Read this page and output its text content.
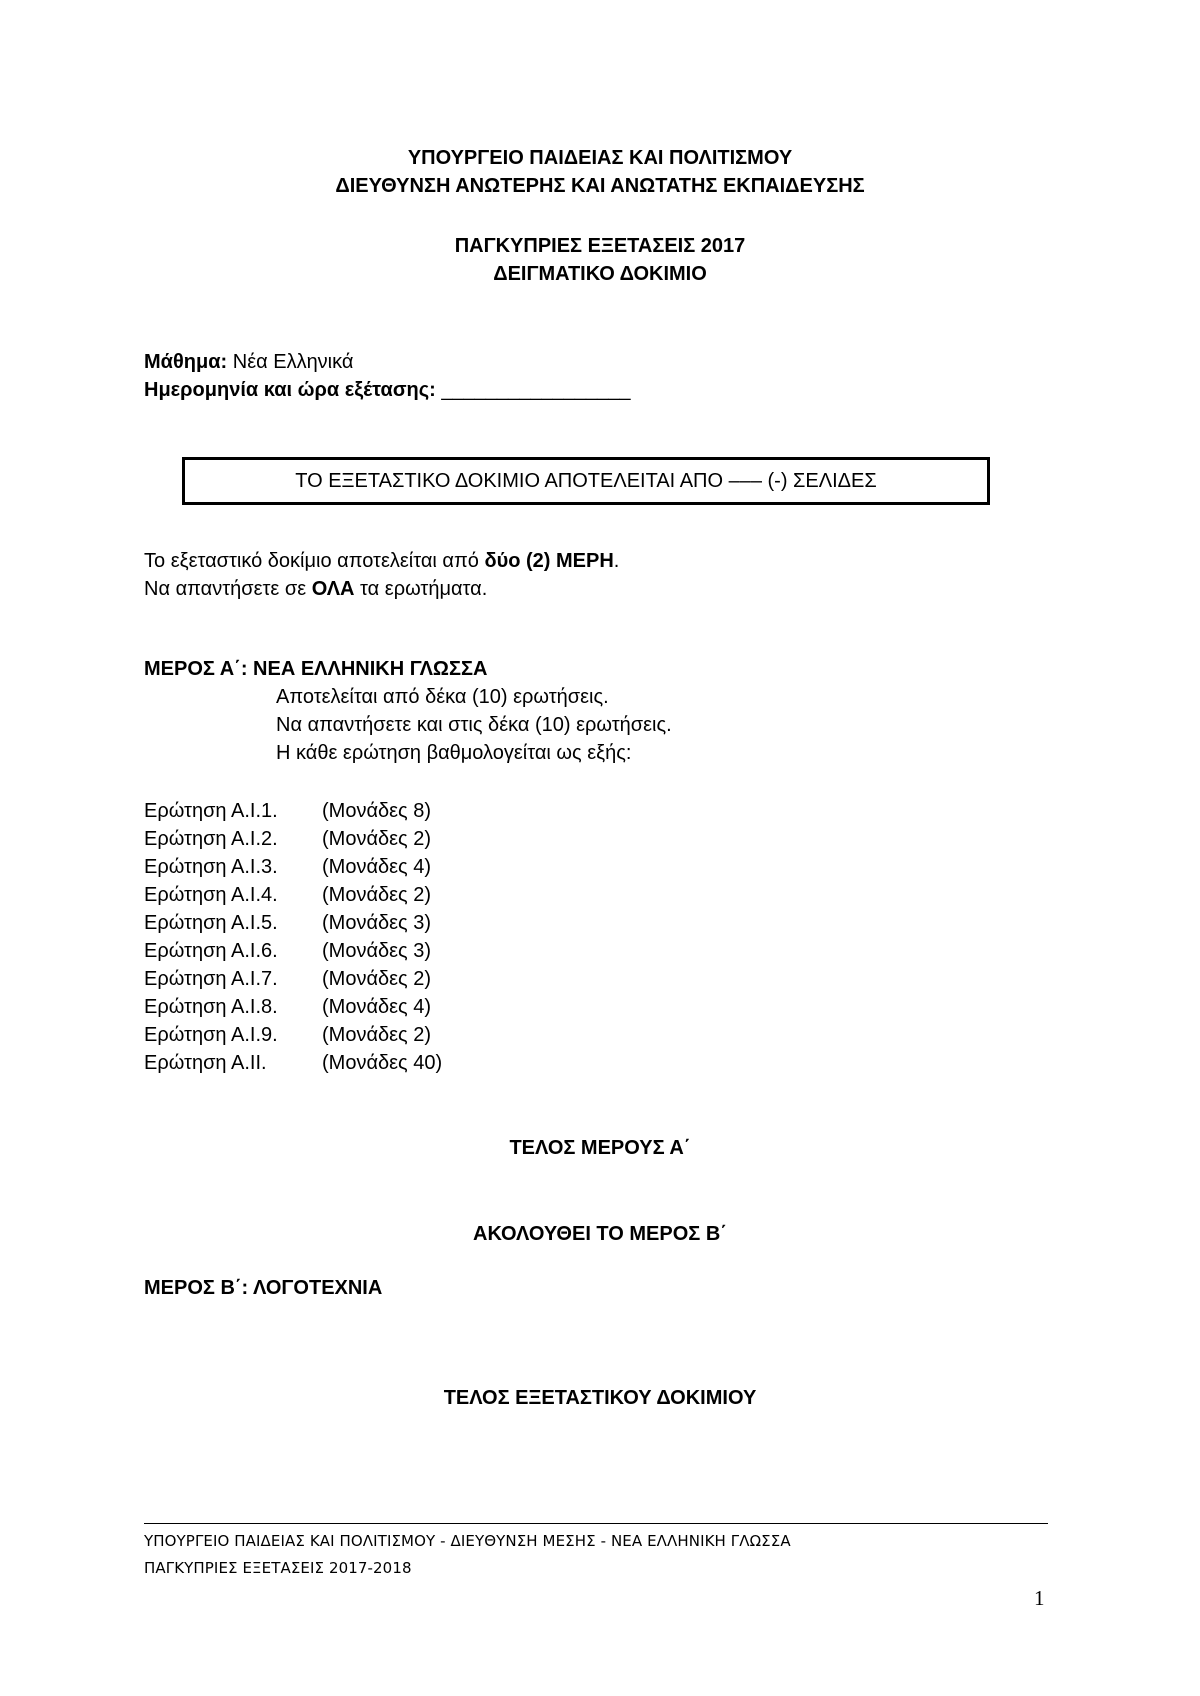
ΥΠΟΥΡΓΕΙΟ ΠΑΙΔΕΙΑΣ ΚΑΙ ΠΟΛΙΤΙΣΜΟΥ
ΔΙΕΥΘΥΝΣΗ ΑΝΩΤΕΡΗΣ ΚΑΙ ΑΝΩΤΑΤΗΣ ΕΚΠΑΙΔΕΥΣΗΣ
ΠΑΓΚΥΠΡΙΕΣ ΕΞΕΤΑΣΕΙΣ 2017
ΔΕΙΓΜΑΤΙΚΟ ΔΟΚΙΜΙΟ
Μάθημα: Νέα Ελληνικά
Ημερομηνία και ώρα εξέτασης: _________________
ΤΟ ΕΞΕΤΑΣΤΙΚΟ ΔΟΚΙΜΙΟ ΑΠΟΤΕΛΕΙΤΑΙ ΑΠΟ ––– (-) ΣΕΛΙΔΕΣ
Το εξεταστικό δοκίμιο αποτελείται από δύο (2) ΜΕΡΗ.
Να απαντήσετε σε ΟΛΑ τα ερωτήματα.
ΜΕΡΟΣ Α΄: ΝΕΑ ΕΛΛΗΝΙΚΗ ΓΛΩΣΣΑ
Αποτελείται από δέκα (10) ερωτήσεις.
Να απαντήσετε και στις δέκα (10) ερωτήσεις.
Η κάθε ερώτηση βαθμολογείται ως εξής:
Ερώτηση Α.Ι.1. (Μονάδες 8)
Ερώτηση Α.Ι.2. (Μονάδες 2)
Ερώτηση Α.Ι.3. (Μονάδες 4)
Ερώτηση Α.Ι.4. (Μονάδες 2)
Ερώτηση Α.Ι.5. (Μονάδες 3)
Ερώτηση Α.Ι.6. (Μονάδες 3)
Ερώτηση Α.Ι.7. (Μονάδες 2)
Ερώτηση Α.Ι.8. (Μονάδες 4)
Ερώτηση Α.Ι.9. (Μονάδες 2)
Ερώτηση Α.ΙΙ.	(Μονάδες 40)
ΤΕΛΟΣ ΜΕΡΟΥΣ Α΄
ΑΚΟΛΟΥΘΕΙ ΤΟ ΜΕΡΟΣ Β΄
ΜΕΡΟΣ Β΄: ΛΟΓΟΤΕΧΝΙΑ
ΤΕΛΟΣ ΕΞΕΤΑΣΤΙΚΟΥ ΔΟΚΙΜΙΟΥ
ΥΠΟΥΡΓΕΙΟ ΠΑΙΔΕΙΑΣ ΚΑΙ ΠΟΛΙΤΙΣΜΟΥ - ΔΙΕΥΘΥΝΣΗ ΜΕΣΗΣ - ΝΕΑ ΕΛΛΗΝΙΚΗ ΓΛΩΣΣΑ
ΠΑΓΚΥΠΡΙΕΣ ΕΞΕΤΑΣΕΙΣ 2017-2018
1
